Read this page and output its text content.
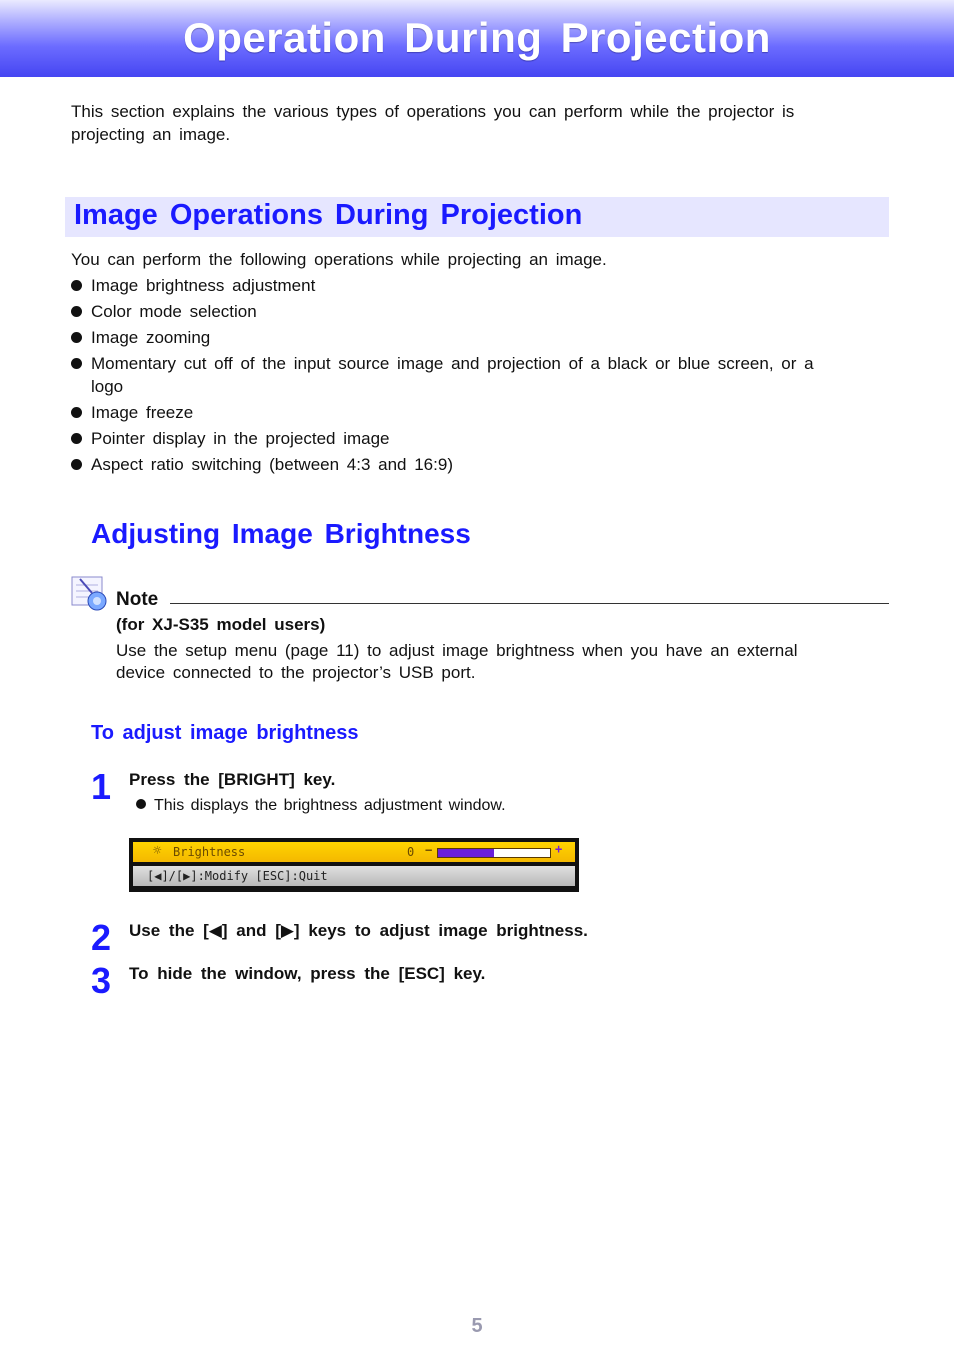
Operation During Projection
This section explains the various types of operations you can perform while the projector is projecting an image.
Image Operations During Projection
You can perform the following operations while projecting an image.
Image brightness adjustment
Color mode selection
Image zooming
Momentary cut off of the input source image and projection of a black or blue screen, or a logo
Image freeze
Pointer display in the projected image
Aspect ratio switching (between 4:3 and 16:9)
Adjusting Image Brightness
Note
(for XJ-S35 model users)
Use the setup menu (page 11) to adjust image brightness when you have an external device connected to the projector’s USB port.
To adjust image brightness
1 Press the [BRIGHT] key.
This displays the brightness adjustment window.
☼ Brightness	0 −	+
[◀]/[▶]:Modify [ESC]:Quit
2 Use the [◀] and [▶] keys to adjust image brightness.
3 To hide the window, press the [ESC] key.
5
